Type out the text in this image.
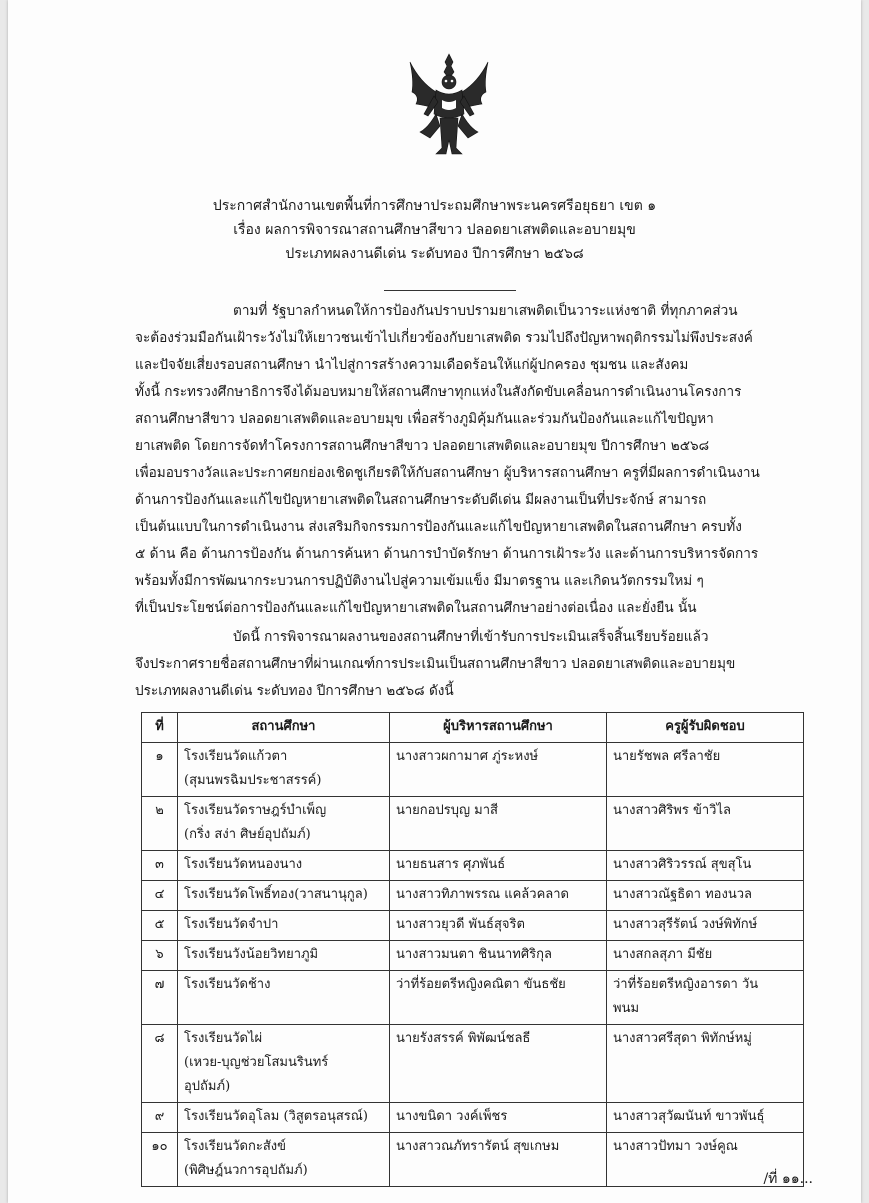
ประกาศสำนักงานเขตพื้นที่การศึกษาประถมศึกษาพระนครศรีอยุธยา เขต ๑
เรื่อง ผลการพิจารณาสถานศึกษาสีขาว ปลอดยาเสพติดและอบายมุข
ประเภทผลงานดีเด่น ระดับทอง ปีการศึกษา ๒๕๖๘
ตามที่ รัฐบาลกำหนดให้การป้องกันปราบปรามยาเสพติดเป็นวาระแห่งชาติ ที่ทุกภาคส่วน
จะต้องร่วมมือกันเฝ้าระวังไม่ให้เยาวชนเข้าไปเกี่ยวข้องกับยาเสพติด รวมไปถึงปัญหาพฤติกรรมไม่พึงประสงค์
และปัจจัยเสี่ยงรอบสถานศึกษา นำไปสู่การสร้างความเดือดร้อนให้แก่ผู้ปกครอง ชุมชน และสังคม
ทั้งนี้ กระทรวงศึกษาธิการจึงได้มอบหมายให้สถานศึกษาทุกแห่งในสังกัดขับเคลื่อนการดำเนินงานโครงการ
สถานศึกษาสีขาว ปลอดยาเสพติดและอบายมุข เพื่อสร้างภูมิคุ้มกันและร่วมกันป้องกันและแก้ไขปัญหา
ยาเสพติด โดยการจัดทำโครงการสถานศึกษาสีขาว ปลอดยาเสพติดและอบายมุข ปีการศึกษา ๒๕๖๘
เพื่อมอบรางวัลและประกาศยกย่องเชิดชูเกียรติให้กับสถานศึกษา ผู้บริหารสถานศึกษา ครูที่มีผลการดำเนินงาน
ด้านการป้องกันและแก้ไขปัญหายาเสพติดในสถานศึกษาระดับดีเด่น มีผลงานเป็นที่ประจักษ์ สามารถ
เป็นต้นแบบในการดำเนินงาน ส่งเสริมกิจกรรมการป้องกันและแก้ไขปัญหายาเสพติดในสถานศึกษา ครบทั้ง
๕ ด้าน คือ ด้านการป้องกัน ด้านการค้นหา ด้านการบำบัดรักษา ด้านการเฝ้าระวัง และด้านการบริหารจัดการ
พร้อมทั้งมีการพัฒนากระบวนการปฏิบัติงานไปสู่ความเข้มแข็ง มีมาตรฐาน และเกิดนวัตกรรมใหม่ ๆ
ที่เป็นประโยชน์ต่อการป้องกันและแก้ไขปัญหายาเสพติดในสถานศึกษาอย่างต่อเนื่อง และยั่งยืน นั้น
บัดนี้ การพิจารณาผลงานของสถานศึกษาที่เข้ารับการประเมินเสร็จสิ้นเรียบร้อยแล้ว
จึงประกาศรายชื่อสถานศึกษาที่ผ่านเกณฑ์การประเมินเป็นสถานศึกษาสีขาว ปลอดยาเสพติดและอบายมุข
ประเภทผลงานดีเด่น ระดับทอง ปีการศึกษา ๒๕๖๘ ดังนี้
ที่	สถานศึกษา	ผู้บริหารสถานศึกษา	ครูผู้รับผิดชอบ
๑	โรงเรียนวัดแก้วตา
(สุมนพรฉิมประชาสรรค์)	นางสาวผกามาศ ภู่ระหงษ์	นายรัชพล ศรีลาชัย

๒	โรงเรียนวัดราษฎร์บำเพ็ญ
(กริ่ง สง่า ศิษย์อุปถัมภ์)	นายกอปรบุญ มาสี	นางสาวศิริพร ข้าวิไล

๓	โรงเรียนวัดหนองนาง	นายธนสาร ศุภพันธ์	นางสาวศิริวรรณ์ สุขสุโน

๔	โรงเรียนวัดโพธิ์ทอง(วาสนานุกูล)	นางสาวทิภาพรรณ แคล้วคลาด	นางสาวณัฐธิดา ทองนวล

๕	โรงเรียนวัดจำปา	นางสาวยุวดี พันธ์สุจริต	นางสาวสุรีรัตน์ วงษ์พิทักษ์

๖	โรงเรียนวังน้อยวิทยาภูมิ	นางสาวมนตา ชินนาทศิริกุล	นางสกลสุภา มีชัย

๗	โรงเรียนวัดช้าง	ว่าที่ร้อยตรีหญิงคณิตา ขันธชัย	ว่าที่ร้อยตรีหญิงอารดา วัน
พนม

๘	โรงเรียนวัดไผ่
(เหวย-บุญช่วยโสมนรินทร์
อุปถัมภ์)	นายรังสรรค์ พิพัฒน์ชลธี	นางสาวศรีสุดา พิทักษ์หมู่

๙	โรงเรียนวัดอุโลม (วิสูตรอนุสรณ์)	นางขนิดา วงค์เพ็ชร	นางสาวสุวัฒนันท์ ขาวพันธุ์

๑๐	โรงเรียนวัดกะสังข์
(พิศิษฎ์นวการอุปถัมภ์)	นางสาวณภัทรารัตน์ สุขเกษม	นางสาวปัทมา วงษ์คูณ
/ที่ ๑๑...
